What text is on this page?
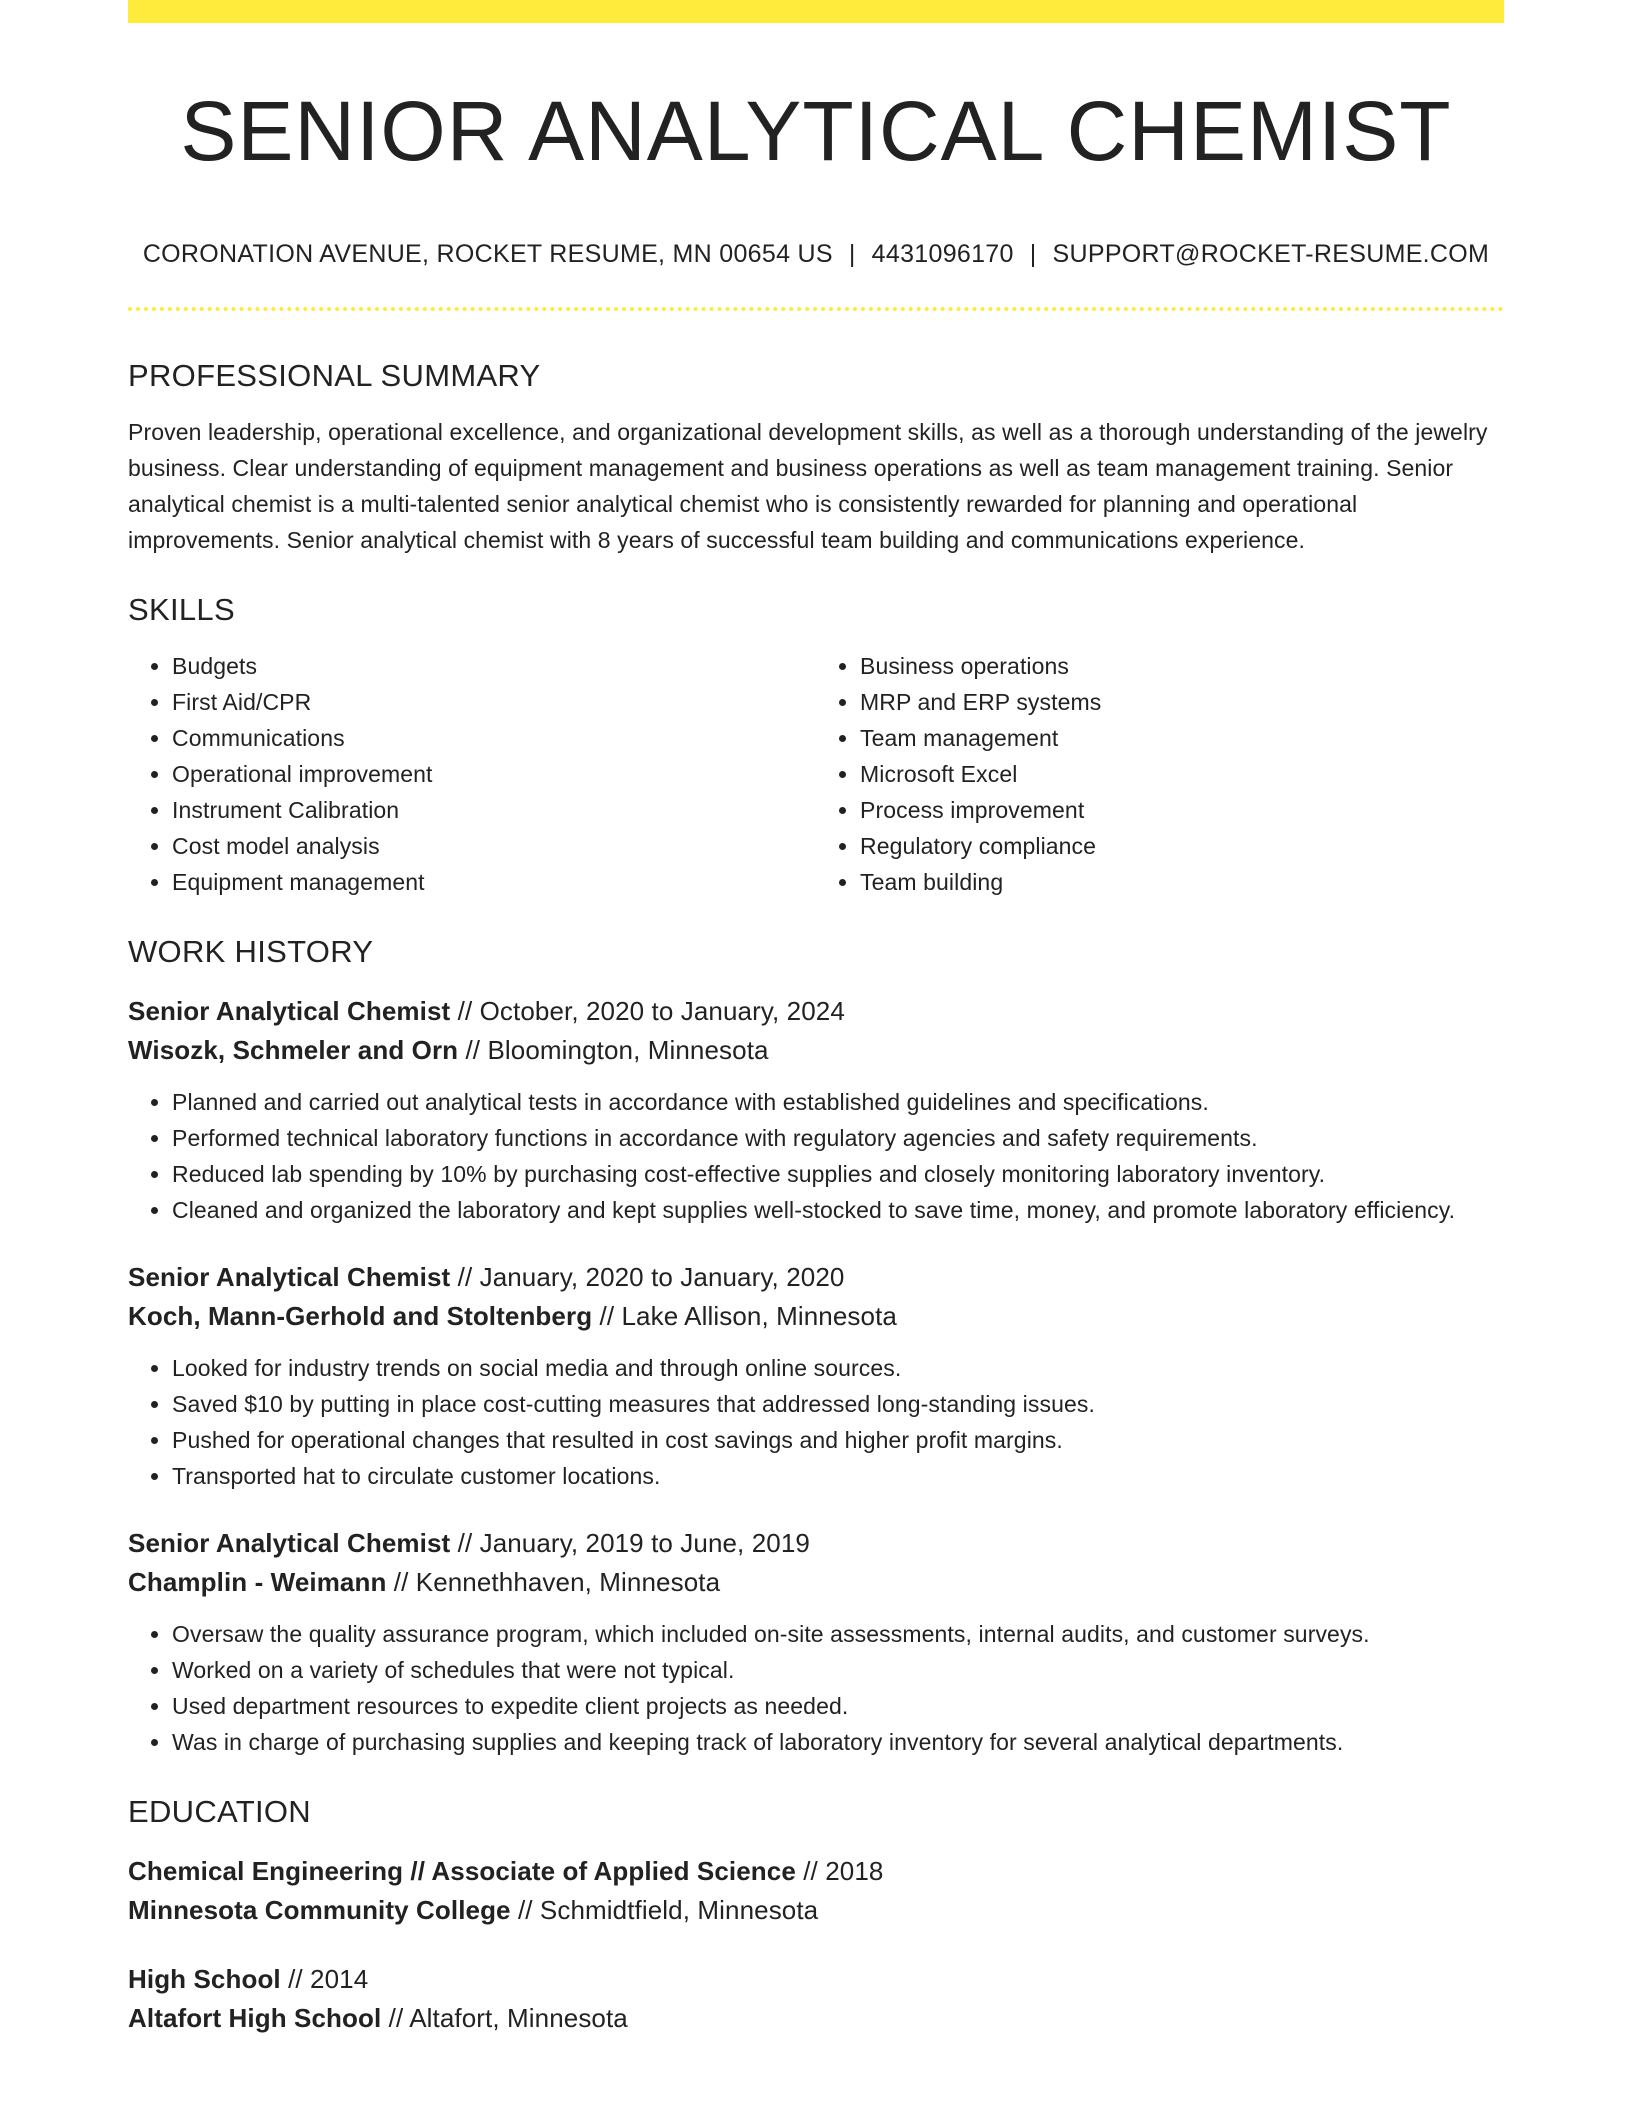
SENIOR ANALYTICAL CHEMIST
CORONATION AVENUE, ROCKET RESUME, MN 00654 US | 4431096170 | SUPPORT@ROCKET-RESUME.COM
PROFESSIONAL SUMMARY

Proven leadership, operational excellence, and organizational development skills, as well as a thorough understanding of the jewelry business. Clear understanding of equipment management and business operations as well as team management training. Senior analytical chemist is a multi-talented senior analytical chemist who is consistently rewarded for planning and operational improvements. Senior analytical chemist with 8 years of successful team building and communications experience.

SKILLS
• Budgets
• First Aid/CPR
• Communications
• Operational improvement
• Instrument Calibration
• Cost model analysis
• Equipment management
• Business operations
• MRP and ERP systems
• Team management
• Microsoft Excel
• Process improvement
• Regulatory compliance
• Team building
WORK HISTORY

Senior Analytical Chemist // October, 2020 to January, 2024

Wisozk, Schmeler and Orn // Bloomington, Minnesota

• Planned and carried out analytical tests in accordance with established guidelines and specifications.
• Performed technical laboratory functions in accordance with regulatory agencies and safety requirements.
• Reduced lab spending by 10% by purchasing cost-effective supplies and closely monitoring laboratory inventory.
• Cleaned and organized the laboratory and kept supplies well-stocked to save time, money, and promote laboratory efficiency.

Senior Analytical Chemist // January, 2020 to January, 2020

Koch, Mann-Gerhold and Stoltenberg // Lake Allison, Minnesota

• Looked for industry trends on social media and through online sources.
• Saved $10 by putting in place cost-cutting measures that addressed long-standing issues.
• Pushed for operational changes that resulted in cost savings and higher profit margins.
• Transported hat to circulate customer locations.

Senior Analytical Chemist // January, 2019 to June, 2019

Champlin - Weimann // Kennethhaven, Minnesota

• Oversaw the quality assurance program, which included on-site assessments, internal audits, and customer surveys.
• Worked on a variety of schedules that were not typical.
• Used department resources to expedite client projects as needed.
• Was in charge of purchasing supplies and keeping track of laboratory inventory for several analytical departments.
EDUCATION

Chemical Engineering // Associate of Applied Science // 2018

Minnesota Community College // Schmidtfield, Minnesota

High School // 2014

Altafort High School // Altafort, Minnesota
